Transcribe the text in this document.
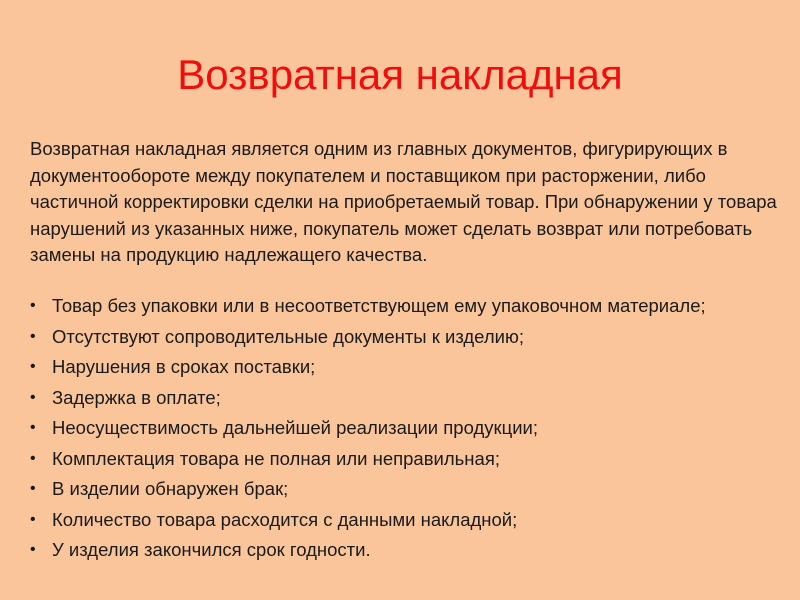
Возвратная накладная

Возвратная накладная является одним из главных документов, фигурирующих в документообороте между покупателем и поставщиком при расторжении, либо частичной корректировки сделки на приобретаемый товар. При обнаружении у товара нарушений из указанных ниже, покупатель может сделать возврат или потребовать замены на продукцию надлежащего качества.

• Товар без упаковки или в несоответствующем ему упаковочном материале;
• Отсутствуют сопроводительные документы к изделию;
• Нарушения в сроках поставки;
• Задержка в оплате;
• Неосуществимость дальнейшей реализации продукции;
• Комплектация товара не полная или неправильная;
• В изделии обнаружен брак;
• Количество товара расходится с данными накладной;
• У изделия закончился срок годности.
